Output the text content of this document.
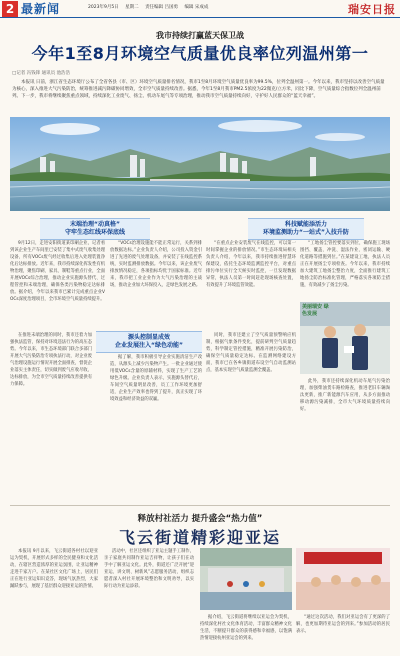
2 最新闻	2023年9月5日 星期二 责任编辑 吕国勇 编辑 宋成成	瑞安日报
我市持续打赢蓝天保卫战
今年1至8月环境空气质量优良率位列温州第一
□记者 冯钱锋 通讯员 池浩浩
本报讯 日前，浙江省生态环境厅公布了全省各县（市、区）环境空气质量排名情况，我市1至8月环境空气质量优良率为99.5%，位列全温州第一。今年以来，我市坚持以改善空气质量为核心，深入推进大气污染防治，统筹推进减污降碳协同增效，全市空气质量持续改善。据悉，今年1至8月我市PM2.5浓度为22微克/立方米，同比下降，空气质量综合指数位列全温州前列。下一步，我市将继续聚焦重点领域，持续深化工业废气、扬尘、机动车尾气等专项治理，推动我市空气质量持续向好，守护好人民群众的“蓝天幸福”。
末端治理“动真格”
守牢生态红线环保底线
科技赋能添活力
环境监测助力“一站式”入技升防

9月12日，走进安阳街道某印刷企业，记者看到该企业生产车间里已安装了集中式废气收集处理设备，所有VOCs废气经过收集后进入处理装置净化后达标排放。近年来，我市持续深化挥发性有机物治理，聚焦印刷、家具、制鞋等重点行业，全面开展VOCs综合治理，推动企业实施源头替代、过程管控和末端治理，确保各类污染物稳定达标排放。据介绍，今年以来我市已累计完成重点企业VOCs深度治理项目，全市环境空气质量持续提升。

“VOCs治理设施能不能正常运行，关系到排放数据达标。”企业负责人介绍，公司投入资金引进了先进的废气处理设备，并安装了在线监控系统，实时监测排放数据。今年以来，该企业废气排放情况稳定，各项指标均优于国家标准。近年来，我市把工业企业作为大气污染治理的主战场，推动企业加大环保投入，走绿色发展之路。

“在重点企业安装废气在线监控，可以第一时间掌握企业的排放情况。”市生态环境局相关负责人介绍，今年以来，我市持续推进智慧环保建设，依托生态环境监测监控平台，对重点排污单位实行全天候实时监控，一旦发现数据异常，执法人员第一时间赶赴现场核查处置，有效提升了环境监管效能。

“工地扬尘管控要落实到位，确保施工现场围挡、覆盖、冲洗、湿法作业、密闭运输、硬化道路等措施到位。”在某建设工地，执法人员正在开展扬尘专项检查。今年以来，我市持续加大建筑工地扬尘整治力度，全面推行建筑工地扬尘防治标准化管理，严格落实各项防尘措施，有效减少了扬尘污染。

美丽瑞安 绿色发展
源头控制显成效
企业发展注入“绿色动能”

在推进末端治理的同时，我市还着力加强执法监管，保持对环境违法行为的高压态势。今年以来，市生态环境部门联合多部门开展大气污染防治专项执法行动，对企业废气治理设施运行情况开展全面排查，督促企业落实主体责任，切实做到废气应收尽收、达标排放，为全市空气质量持续改善提供有力保障。

据了解，我市积极引导企业实施清洁生产改造，从源头上减少污染物产生。一批企业通过使用低VOCs含量的原辅材料，实现了生产工艺的绿色升级。企业负责人表示，实施源头替代后，车间空气质量明显改善，员工工作环境更加舒适，企业生产效率也得到了提升，真正实现了环境效益和经济效益的双赢。

同时，我市还建立了空气质量预警响应机制，根据气象条件变化，提前研判空气质量趋势，科学制定管控措施，精准开展污染防治，确保空气质量稳定达标。在监测网络建设方面，我市已在各乡镇街道布设空气自动监测站点，基本实现空气质量监测全覆盖。

此外，我市还持续深化机动车尾气污染治理，加强柴油货车路检路查，推进老旧车辆淘汰更新，推广新能源汽车应用，从多方面推动移动源污染减排，全市大气环境质量持续向好。

释放村社活力 提升盛会“热力值”
飞云街道精彩迎亚运

本报讯 9月以来，飞云街道各村社以迎亚运为契机，开展形式多样的全民健身和文化活动，在辖区营造浓厚的亚运氛围，让亚运精神走进千家万户。在某社区文化广场上，居民们正在进行亚运知识竞答，现场气氛热烈，大家踊跃参与，展现了基层群众迎接亚运的热情。

活动中，社区还组织了亚运主题手工制作，亲子家庭共同制作亚运吉祥物，让孩子们在动手中了解亚运文化。此外，街道还广泛开展“迎亚运、讲文明、树新风”志愿服务活动，组织志愿者深入村社开展环境整治和文明劝导，以实际行动为亚运添彩。

据介绍，飞云街道将继续以亚运会为契机，持续深化村社文化体育活动，丰富群众精神文化生活，不断提升群众的获得感和幸福感，以饱满热情迎接杭州亚运会的到来。

“通过这次活动，我们对亚运会有了更深的了解，也更加期待亚运会的到来。”参加活动的居民表示。
